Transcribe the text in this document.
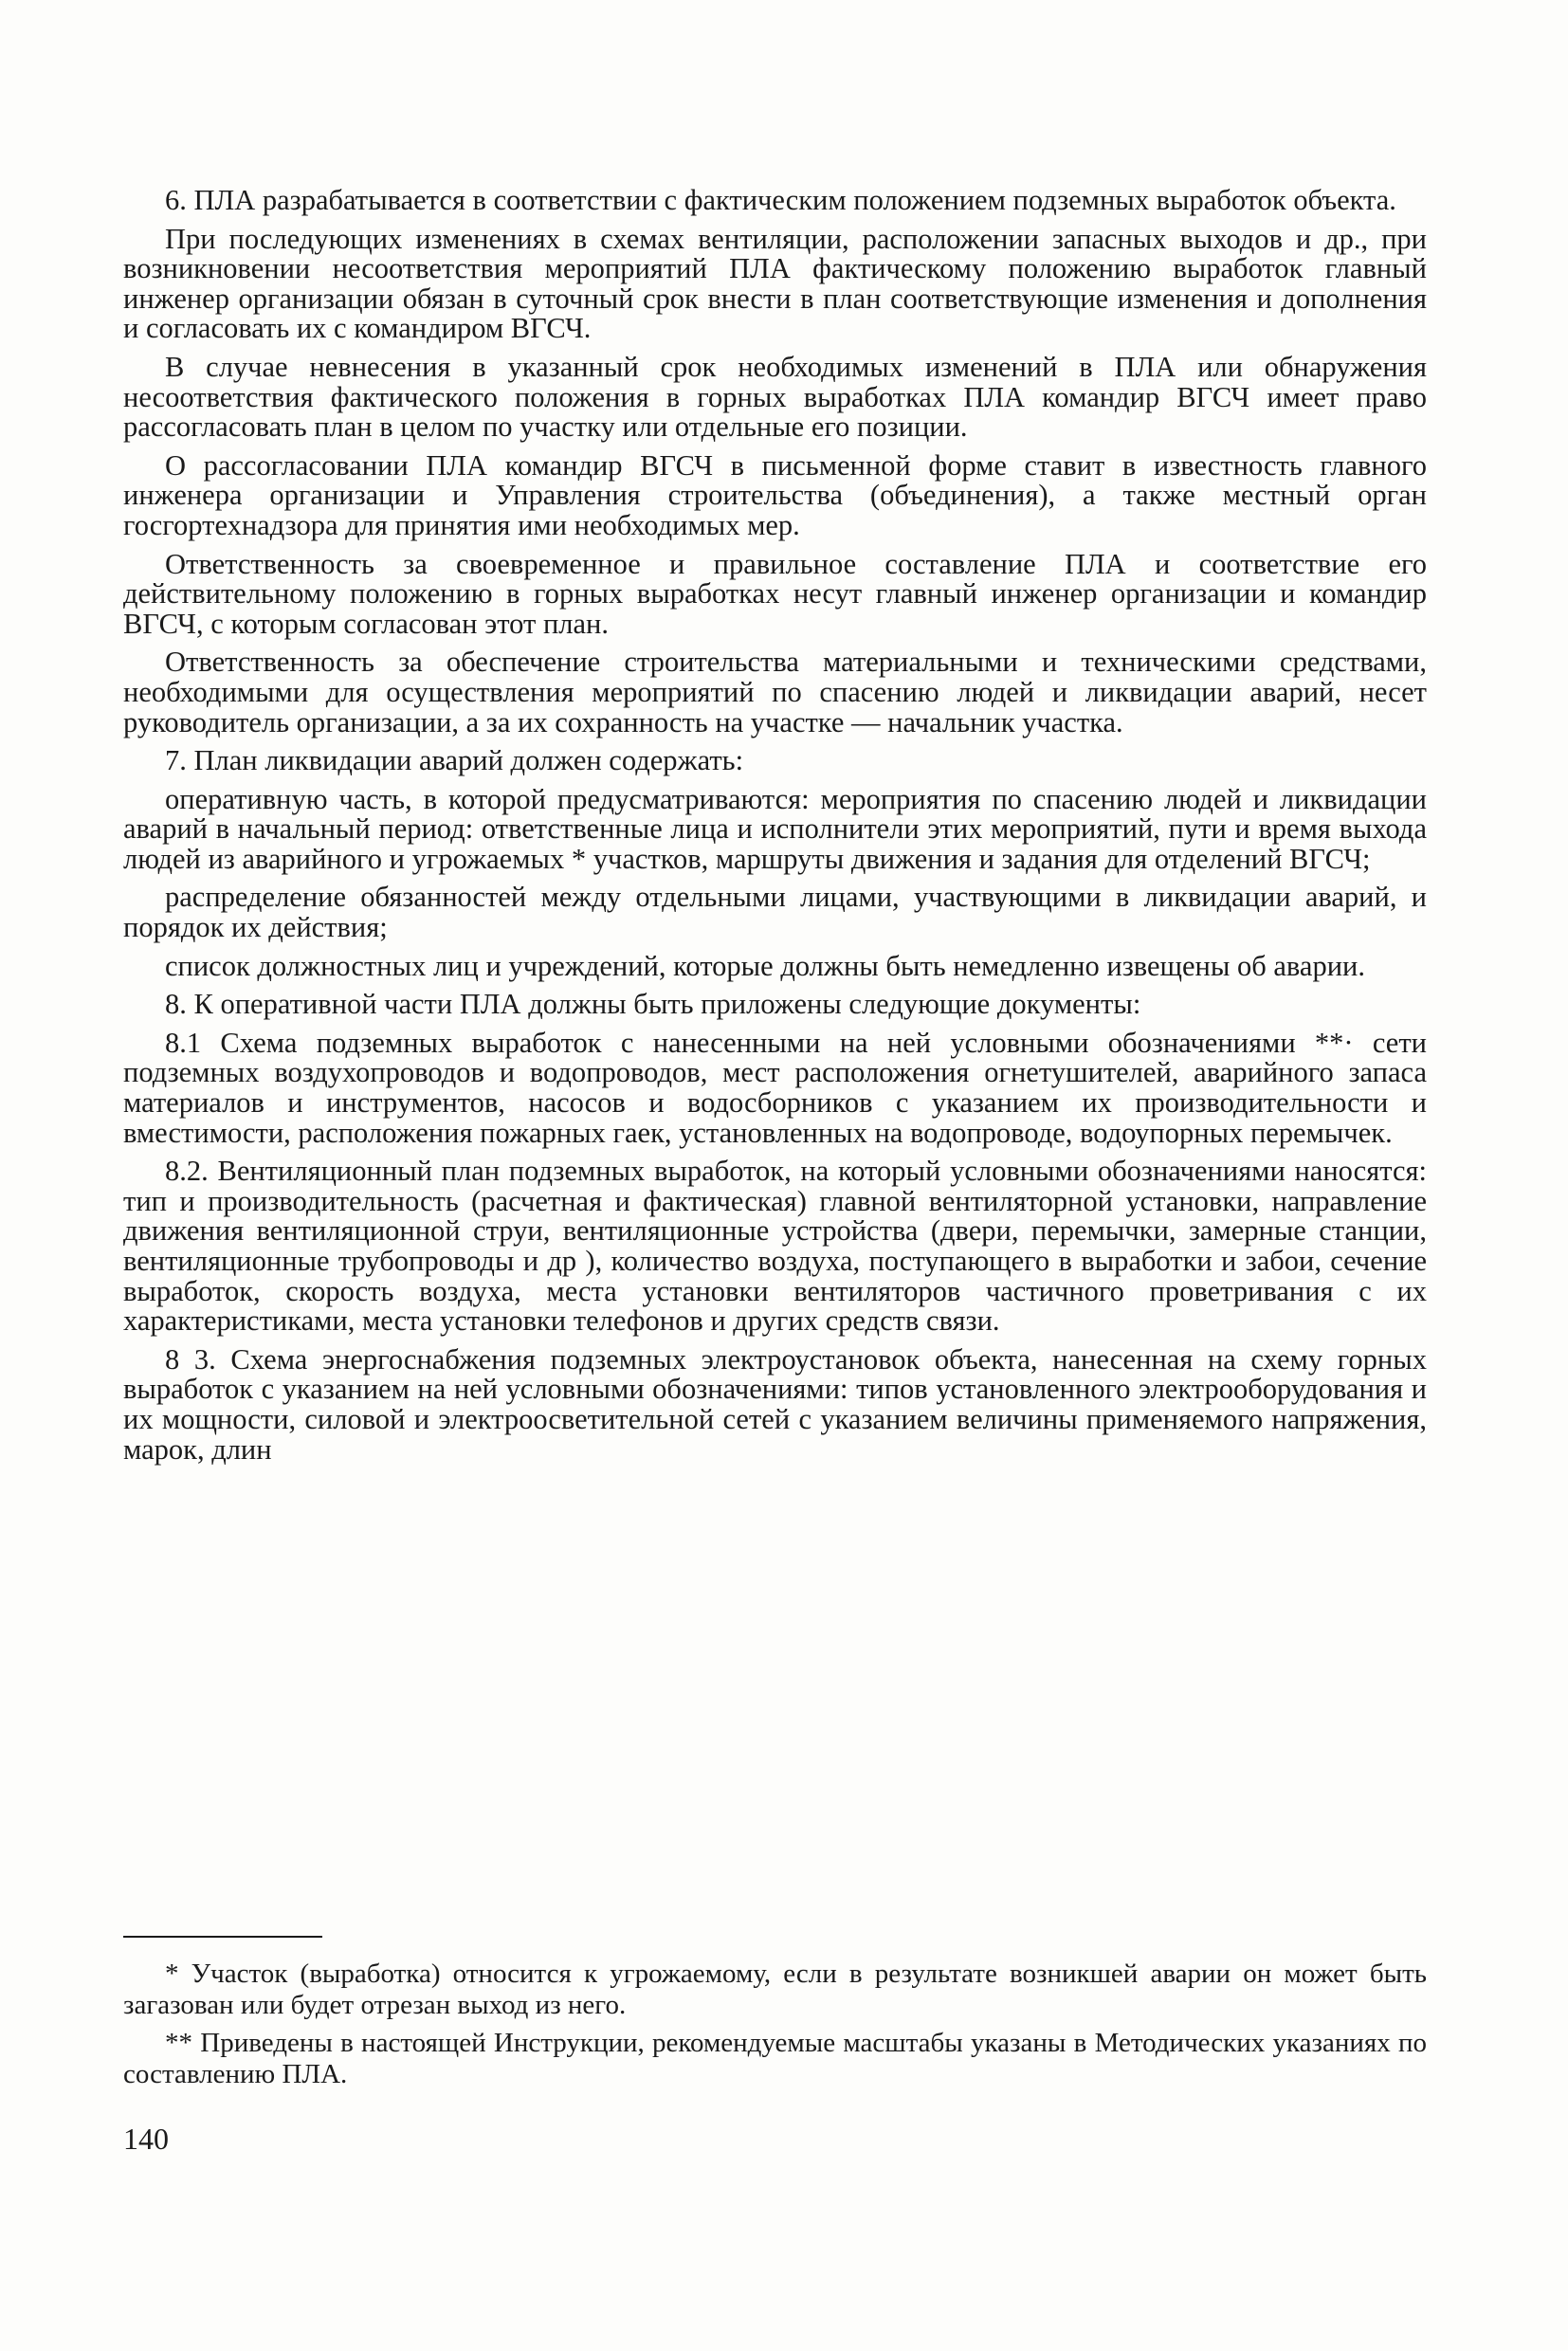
6. ПЛА разрабатывается в соответствии с фактическим положением подземных выработок объекта.

При последующих изменениях в схемах вентиляции, расположении запасных выходов и др., при возникновении несоответствия мероприятий ПЛА фактическому положению выработок главный инженер организации обязан в суточный срок внести в план соответствующие изменения и дополнения и согласовать их с командиром ВГСЧ.

В случае невнесения в указанный срок необходимых изменений в ПЛА или обнаружения несоответствия фактического положения в горных выработках ПЛА командир ВГСЧ имеет право рассогласовать план в целом по участку или отдельные его позиции.

О рассогласовании ПЛА командир ВГСЧ в письменной форме ставит в известность главного инженера организации и Управления строительства (объединения), а также местный орган госгортехнадзора для принятия ими необходимых мер.

Ответственность за своевременное и правильное составление ПЛА и соответствие его действительному положению в горных выработках несут главный инженер организации и командир ВГСЧ, с которым согласован этот план.

Ответственность за обеспечение строительства материальными и техническими средствами, необходимыми для осуществления мероприятий по спасению людей и ликвидации аварий, несет руководитель организации, а за их сохранность на участке — начальник участка.

7. План ликвидации аварий должен содержать:

оперативную часть, в которой предусматриваются: мероприятия по спасению людей и ликвидации аварий в начальный период: ответственные лица и исполнители этих мероприятий, пути и время выхода людей из аварийного и угрожаемых * участков, маршруты движения и задания для отделений ВГСЧ;

распределение обязанностей между отдельными лицами, участвующими в ликвидации аварий, и порядок их действия;

список должностных лиц и учреждений, которые должны быть немедленно извещены об аварии.

8. К оперативной части ПЛА должны быть приложены следующие документы:

8.1 Схема подземных выработок с нанесенными на ней условными обозначениями **· сети подземных воздухопроводов и водопроводов, мест расположения огнетушителей, аварийного запаса материалов и инструментов, насосов и водосборников с указанием их производительности и вместимости, расположения пожарных гаек, установленных на водопроводе, водоупорных перемычек.

8.2. Вентиляционный план подземных выработок, на который условными обозначениями наносятся: тип и производительность (расчетная и фактическая) главной вентиляторной установки, направление движения вентиляционной струи, вентиляционные устройства (двери, перемычки, замерные станции, вентиляционные трубопроводы и др ), количество воздуха, поступающего в выработки и забои, сечение выработок, скорость воздуха, места установки вентиляторов частичного проветривания с их характеристиками, места установки телефонов и других средств связи.

8 3. Схема энергоснабжения подземных электроустановок объекта, нанесенная на схему горных выработок с указанием на ней условными обозначениями: типов установленного электрооборудования и их мощности, силовой и электроосветительной сетей с указанием величины применяемого напряжения, марок, длин

* Участок (выработка) относится к угрожаемому, если в результате возникшей аварии он может быть загазован или будет отрезан выход из него.

** Приведены в настоящей Инструкции, рекомендуемые масштабы указаны в Методических указаниях по составлению ПЛА.

140
